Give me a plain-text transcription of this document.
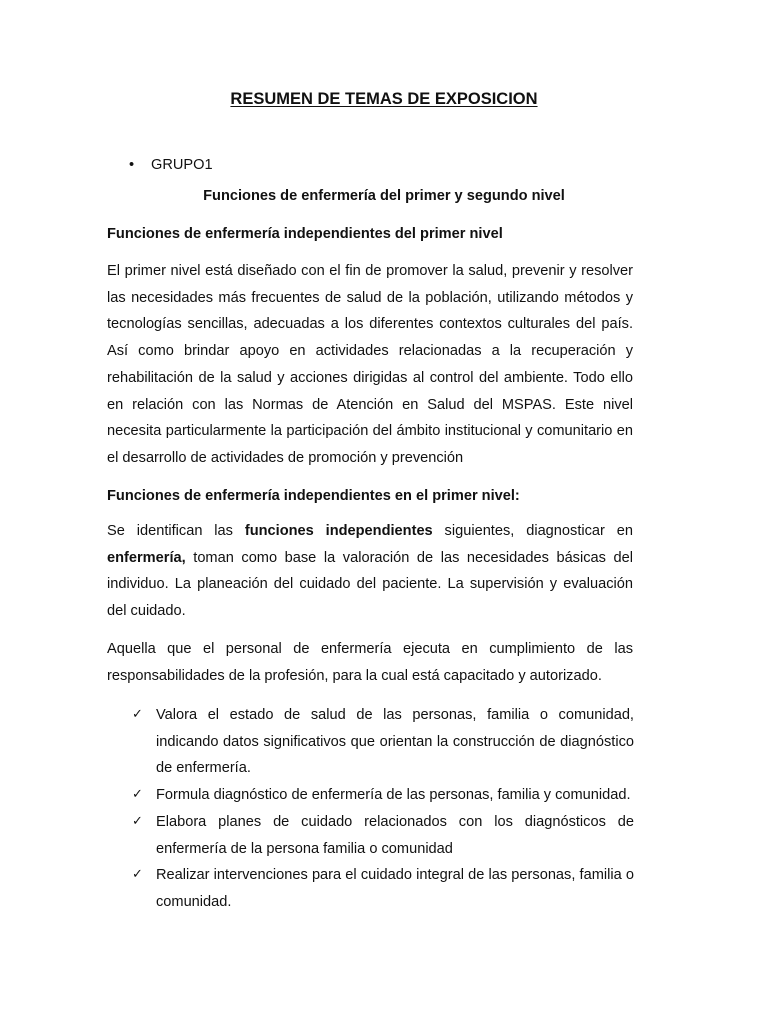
RESUMEN DE TEMAS DE EXPOSICION
• GRUPO1
Funciones de enfermería del primer y segundo nivel
Funciones de enfermería independientes del primer nivel

El primer nivel está diseñado con el fin de promover la salud, prevenir y resolver las necesidades más frecuentes de salud de la población, utilizando métodos y tecnologías sencillas, adecuadas a los diferentes contextos culturales del país. Así como brindar apoyo en actividades relacionadas a la recuperación y rehabilitación de la salud y acciones dirigidas al control del ambiente. Todo ello en relación con las Normas de Atención en Salud del MSPAS. Este nivel necesita particularmente la participación del ámbito institucional y comunitario en el desarrollo de actividades de promoción y prevención

Funciones de enfermería independientes en el primer nivel:

Se identifican las funciones independientes siguientes, diagnosticar en enfermería, toman como base la valoración de las necesidades básicas del individuo. La planeación del cuidado del paciente. La supervisión y evaluación del cuidado.

Aquella que el personal de enfermería ejecuta en cumplimiento de las responsabilidades de la profesión, para la cual está capacitado y autorizado.

✓ Valora el estado de salud de las personas, familia o comunidad, indicando datos significativos que orientan la construcción de diagnóstico de enfermería.
✓ Formula diagnóstico de enfermería de las personas, familia y comunidad.
✓ Elabora planes de cuidado relacionados con los diagnósticos de enfermería de la persona familia o comunidad
✓ Realizar intervenciones para el cuidado integral de las personas, familia o comunidad.
